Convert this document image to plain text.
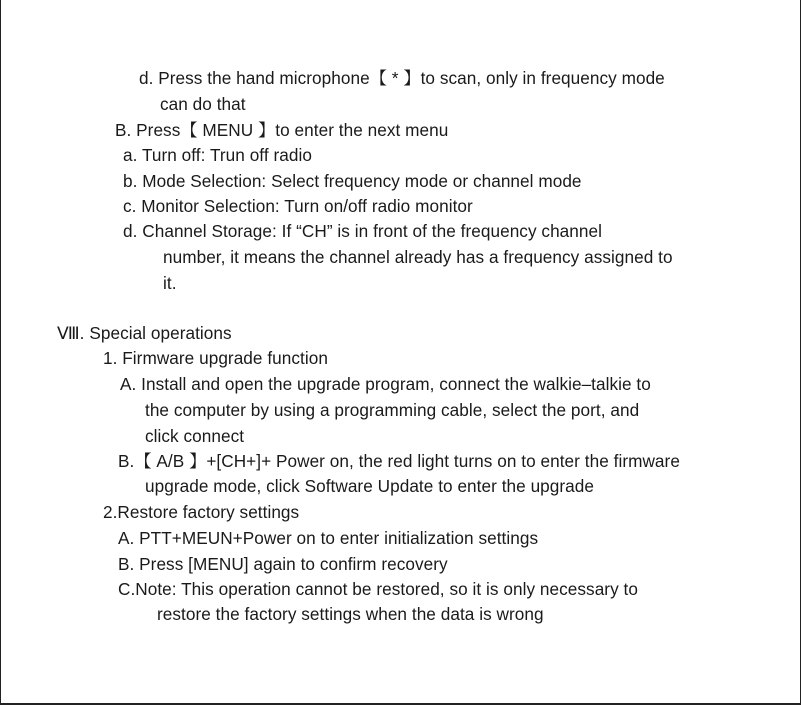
d. Press the hand microphone【 * 】to scan, only in frequency mode
can do that
B. Press【 MENU 】to enter the next menu
a. Turn off: Trun off radio
b. Mode Selection: Select frequency mode or channel mode
c. Monitor Selection: Turn on/off radio monitor
d. Channel Storage: If “CH” is in front of the frequency channel
number, it means the channel already has a frequency assigned to
it.
Ⅷ. Special operations
1. Firmware upgrade function
A. Install and open the upgrade program, connect the walkie–talkie to
the computer by using a programming cable, select the port, and
click connect
B.【 A/B 】+[CH+]+ Power on, the red light turns on to enter the firmware
upgrade mode, click Software Update to enter the upgrade
2.Restore factory settings
A. PTT+MEUN+Power on to enter initialization settings
B. Press [MENU] again to confirm recovery
C.Note: This operation cannot be restored, so it is only necessary to
restore the factory settings when the data is wrong
